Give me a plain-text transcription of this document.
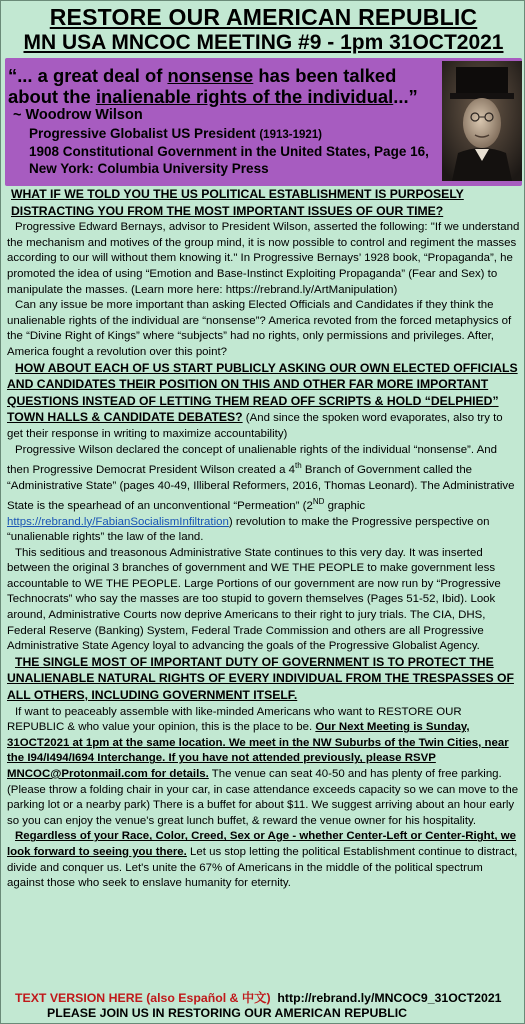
RESTORE OUR AMERICAN REPUBLIC
MN USA MNCOC MEETING #9 - 1pm 31OCT2021
“... a great deal of nonsense has been talked about the inalienable rights of the individual...”
~ Woodrow Wilson
Progressive Globalist US President (1913-1921)
1908 Constitutional Government in the United States, Page 16, New York: Columbia University Press

WHAT IF WE TOLD YOU THE US POLITICAL ESTABLISHMENT IS PURPOSELY DISTRACTING YOU FROM THE MOST IMPORTANT ISSUES OF OUR TIME?

Progressive Edward Bernays, advisor to President Wilson, asserted the following: "If we understand the mechanism and motives of the group mind, it is now possible to control and regiment the masses according to our will without them knowing it." In Progressive Bernays’ 1928 book, “Propaganda”, he promoted the idea of using “Emotion and Base-Instinct Exploiting Propaganda” (Fear and Sex) to manipulate the masses. (Learn more here: https://rebrand.ly/ArtManipulation)

Can any issue be more important than asking Elected Officials and Candidates if they think the unalienable rights of the individual are “nonsense”? America revoted from the forced metaphysics of the “Divine Right of Kings” where “subjects” had no rights, only permissions and privileges. After, America fought a revolution over this point?

HOW ABOUT EACH OF US START PUBLICLY ASKING OUR OWN ELECTED OFFICIALS AND CANDIDATES THEIR POSITION ON THIS AND OTHER FAR MORE IMPORTANT QUESTIONS INSTEAD OF LETTING THEM READ OFF SCRIPTS & HOLD “DELPHIED” TOWN HALLS & CANDIDATE DEBATES? (And since the spoken word evaporates, also try to get their response in writing to maximize accountability)

Progressive Wilson declared the concept of unalienable rights of the individual “nonsense”. And then Progressive Democrat President Wilson created a 4th Branch of Government called the “Administrative State” (pages 40-49, Illiberal Reformers, 2016, Thomas Leonard). The Administrative State is the spearhead of an unconventional “Permeation” (2ND graphic https://rebrand.ly/FabianSocialismInfiltration) revolution to make the Progressive perspective on “unalienable rights” the law of the land.

This seditious and treasonous Administrative State continues to this very day. It was inserted between the original 3 branches of government and WE THE PEOPLE to make government less accountable to WE THE PEOPLE. Large Portions of our government are now run by “Progressive Technocrats” who say the masses are too stupid to govern themselves (Pages 51-52, Ibid). Look around, Administrative Courts now deprive Americans to their right to jury trials. The CIA, DHS, Federal Reserve (Banking) System, Federal Trade Commission and others are all Progressive Administrative State Agency loyal to advancing the goals of the Progressive Globalist Agency.

THE SINGLE MOST OF IMPORTANT DUTY OF GOVERNMENT IS TO PROTECT THE UNALIENABLE NATURAL RIGHTS OF EVERY INDIVIDUAL FROM THE TRESPASSES OF ALL OTHERS, INCLUDING GOVERNMENT ITSELF.

If want to peaceably assemble with like-minded Americans who want to RESTORE OUR REPUBLIC & who value your opinion, this is the place to be. Our Next Meeting is Sunday, 31OCT2021 at 1pm at the same location. We meet in the NW Suburbs of the Twin Cities, near the I94/I494/I694 Interchange. If you have not attended previously, please RSVP MNCOC@Protonmail.com for details. The venue can seat 40-50 and has plenty of free parking. (Please throw a folding chair in your car, in case attendance exceeds capacity so we can move to the parking lot or a nearby park) There is a buffet for about $11. We suggest arriving about an hour early so you can enjoy the venue's great lunch buffet, & reward the venue owner for his hospitality.

Regardless of your Race, Color, Creed, Sex or Age - whether Center-Left or Center-Right, we look forward to seeing you there. Let us stop letting the political Establishment continue to distract, divide and conquer us. Let's unite the 67% of Americans in the middle of the political spectrum against those who seek to enslave humanity for eternity.

TEXT VERSION HERE (also Español & 中文) http://rebrand.ly/MNCOC9_31OCT2021
PLEASE JOIN US IN RESTORING OUR AMERICAN REPUBLIC
